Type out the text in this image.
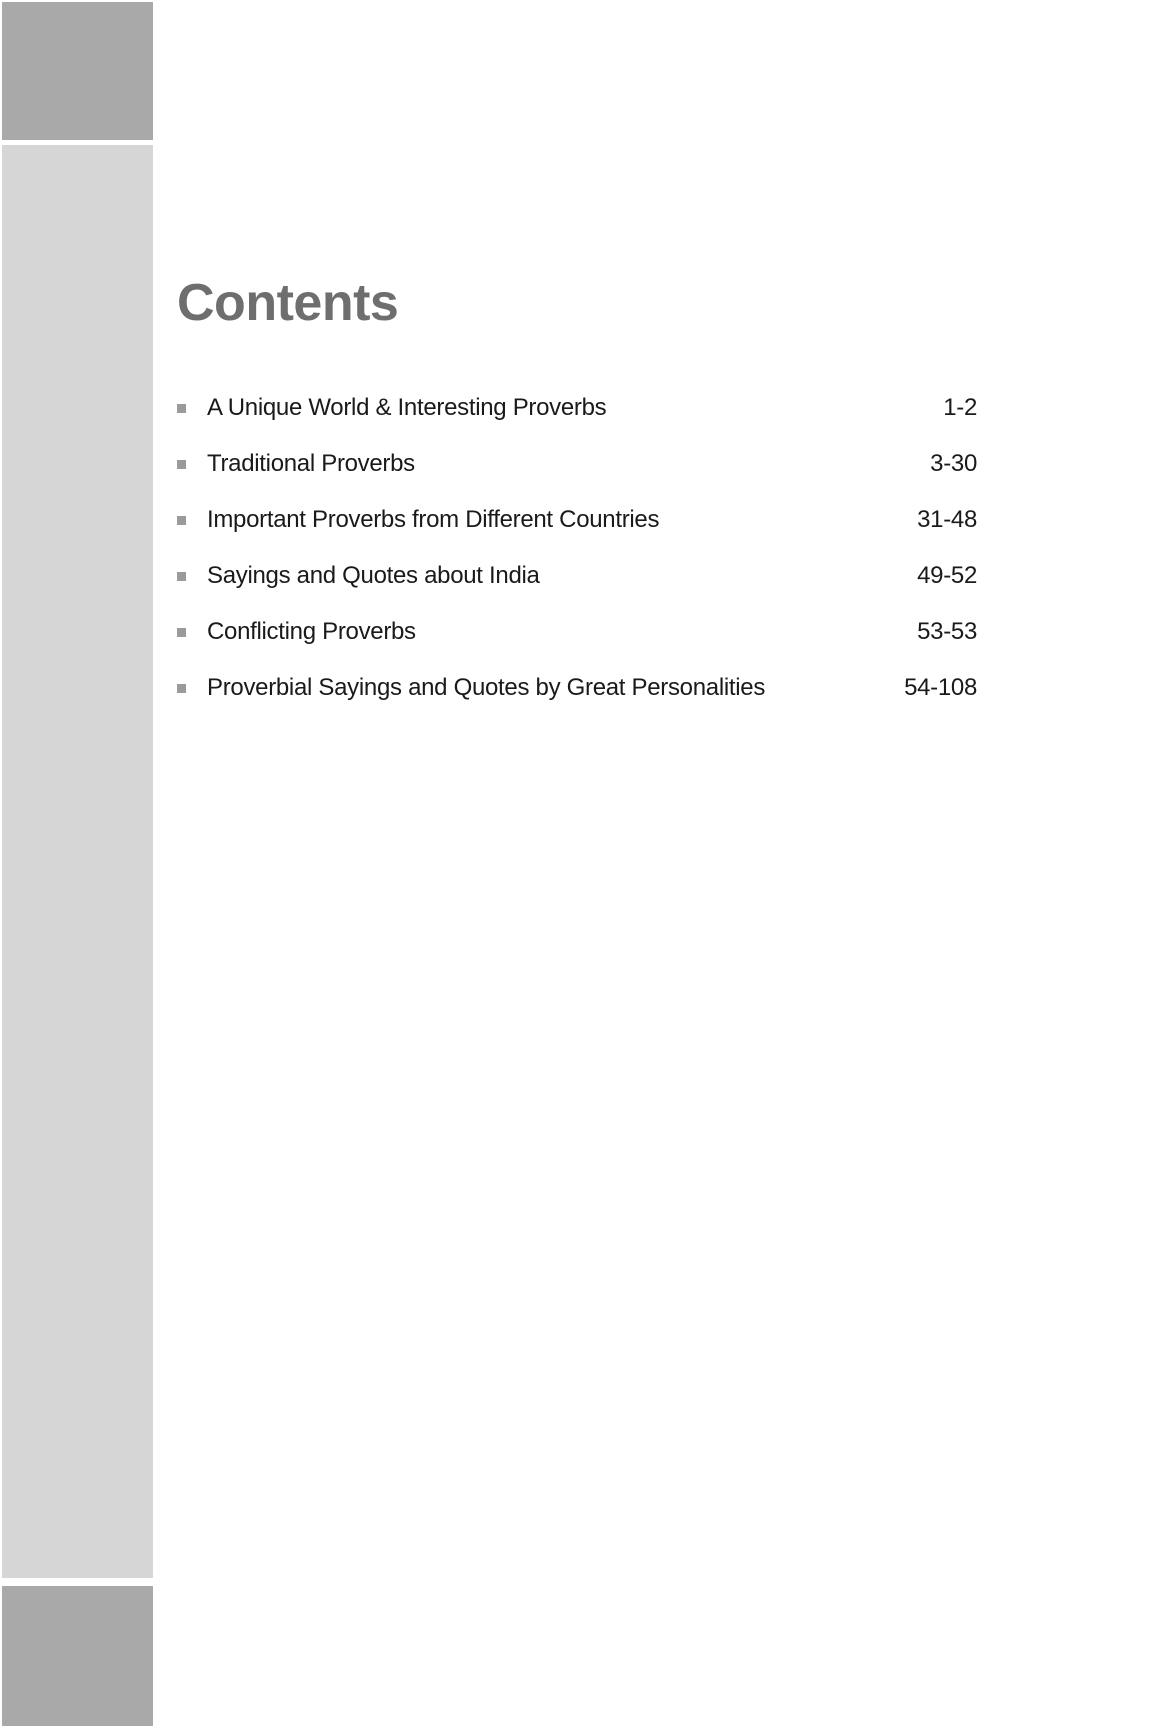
Contents
A Unique World & Interesting Proverbs	1-2
Traditional Proverbs	3-30
Important Proverbs from Different Countries	31-48
Sayings and Quotes about India	49-52
Conflicting Proverbs	53-53
Proverbial Sayings and Quotes by Great Personalities	54-108
